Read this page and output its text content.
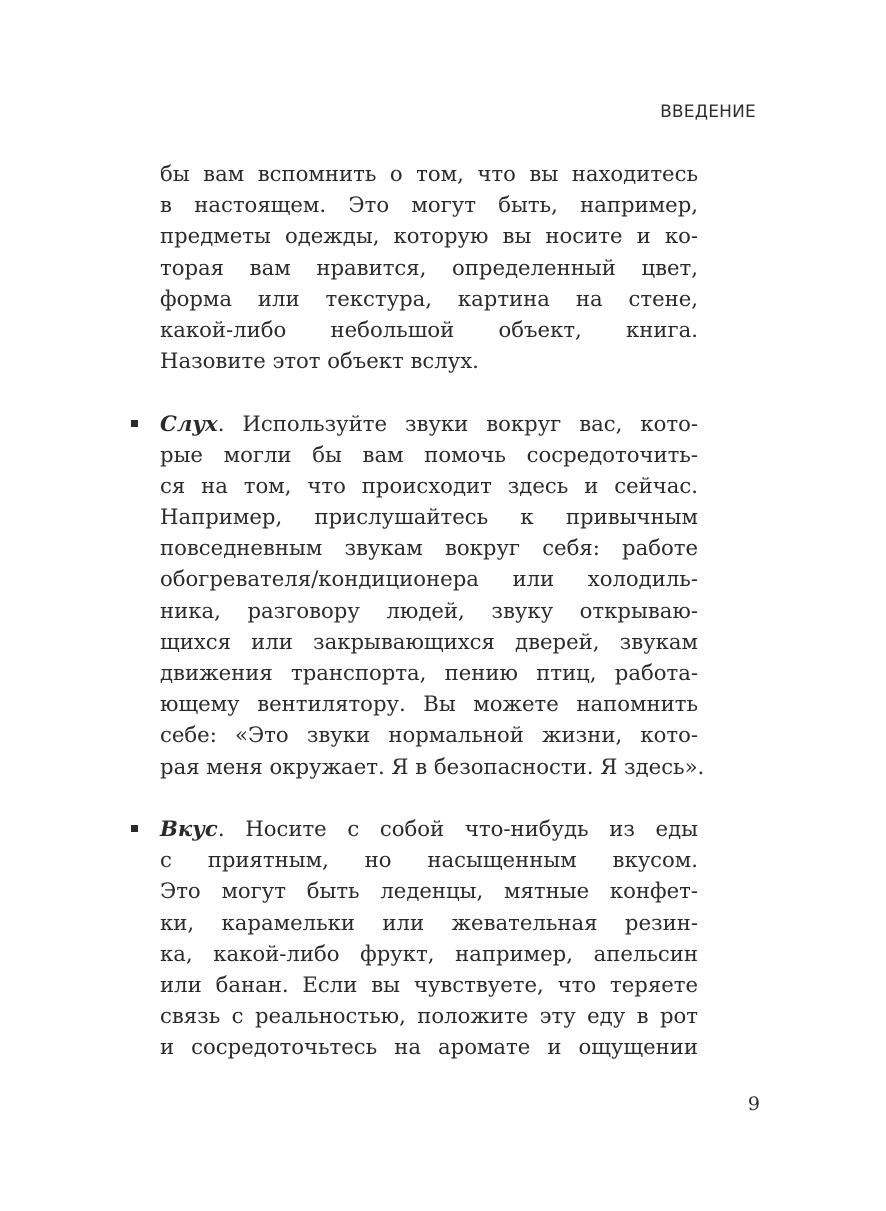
ВВЕДЕНИЕ
бы вам вспомнить о том, что вы находитесь
в настоящем. Это могут быть, например,
предметы одежды, которую вы носите и ко-
торая вам нравится, определенный цвет,
форма или текстура, картина на стене,
какой-либо небольшой объект, книга.
Назовите этот объект вслух.
Слух. Используйте звуки вокруг вас, кото-
рые могли бы вам помочь сосредоточить-
ся на том, что происходит здесь и сейчас.
Например, прислушайтесь к привычным
повседневным звукам вокруг себя: работе
обогревателя/кондиционера или холодиль-
ника, разговору людей, звуку открываю-
щихся или закрывающихся дверей, звукам
движения транспорта, пению птиц, работа-
ющему вентилятору. Вы можете напомнить
себе: «Это звуки нормальной жизни, кото-
рая меня окружает. Я в безопасности. Я здесь».
Вкус. Носите с собой что-нибудь из еды
с приятным, но насыщенным вкусом.
Это могут быть леденцы, мятные конфет-
ки, карамельки или жевательная резин-
ка, какой-либо фрукт, например, апельсин
или банан. Если вы чувствуете, что теряете
связь с реальностью, положите эту еду в рот
и сосредоточьтесь на аромате и ощущении
9
